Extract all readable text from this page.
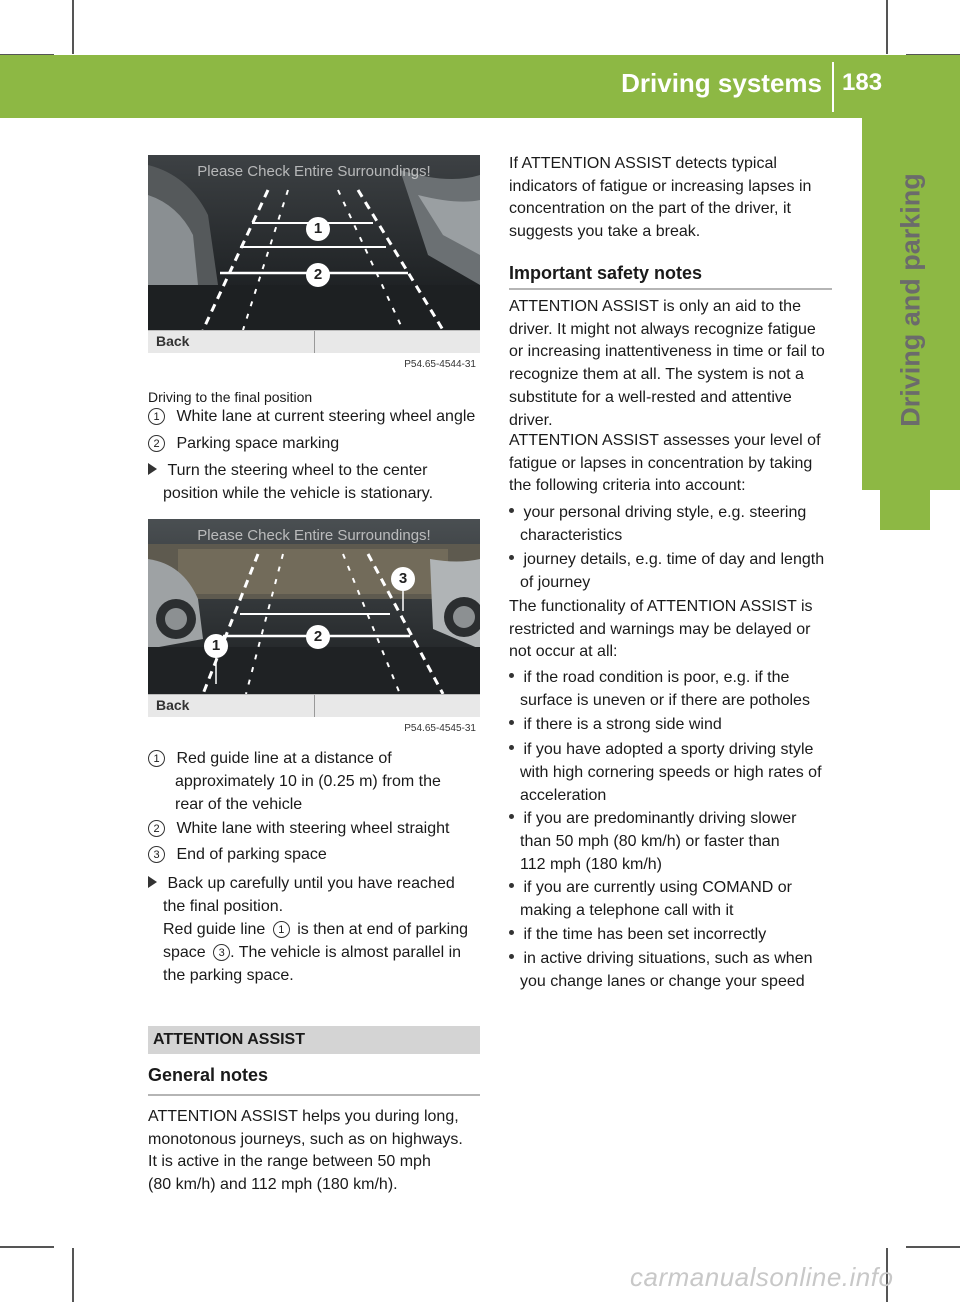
Driving systems 183
Driving and parking
Please Check Entire Surroundings!
1
2
Back
P54.65-4544-31
Driving to the final position
1 White lane at current steering wheel angle
2 Parking space marking
Turn the steering wheel to the center
position while the vehicle is stationary.
Please Check Entire Surroundings!
1
2
3
Back
P54.65-4545-31
1 Red guide line at a distance of
approximately 10 in (0.25 m) from the
rear of the vehicle
2 White lane with steering wheel straight
3 End of parking space
Back up carefully until you have reached
the final position.
Red guide line 1 is then at end of parking
space 3 . The vehicle is almost parallel in
the parking space.
ATTENTION ASSIST
General notes
ATTENTION ASSIST helps you during long,
monotonous journeys, such as on highways.
It is active in the range between 50 mph
(80 km/h) and 112 mph (180 km/h).
If ATTENTION ASSIST detects typical
indicators of fatigue or increasing lapses in
concentration on the part of the driver, it
suggests you take a break.
Important safety notes
ATTENTION ASSIST is only an aid to the
driver. It might not always recognize fatigue
or increasing inattentiveness in time or fail to
recognize them at all. The system is not a
substitute for a well-rested and attentive
driver.
ATTENTION ASSIST assesses your level of
fatigue or lapses in concentration by taking
the following criteria into account:
your personal driving style, e.g. steering
characteristics
journey details, e.g. time of day and length
of journey
The functionality of ATTENTION ASSIST is
restricted and warnings may be delayed or
not occur at all:
if the road condition is poor, e.g. if the
surface is uneven or if there are potholes
if there is a strong side wind
if you have adopted a sporty driving style
with high cornering speeds or high rates of
acceleration
if you are predominantly driving slower
than 50 mph (80 km/h) or faster than
112 mph (180 km/h)
if you are currently using COMAND or
making a telephone call with it
if the time has been set incorrectly
in active driving situations, such as when
you change lanes or change your speed
carmanualsonline.info
